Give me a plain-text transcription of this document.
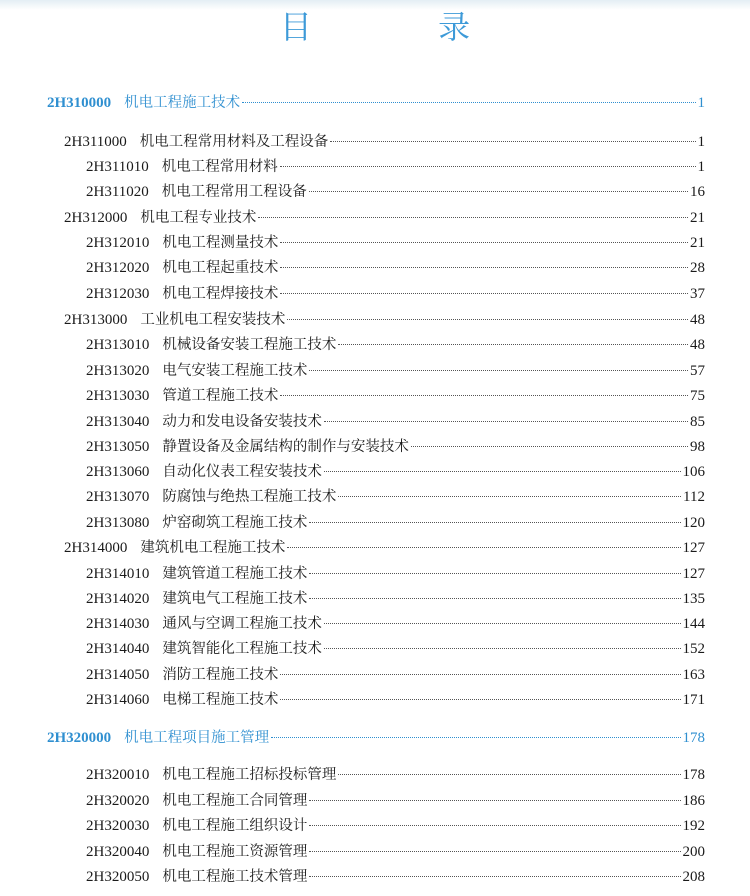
目 录
2H310000 机电工程施工技术	1
2H311000 机电工程常用材料及工程设备	1
2H311010 机电工程常用材料	1
2H311020 机电工程常用工程设备	16
2H312000 机电工程专业技术	21
2H312010 机电工程测量技术	21
2H312020 机电工程起重技术	28
2H312030 机电工程焊接技术	37
2H313000 工业机电工程安装技术	48
2H313010 机械设备安装工程施工技术	48
2H313020 电气安装工程施工技术	57
2H313030 管道工程施工技术	75
2H313040 动力和发电设备安装技术	85
2H313050 静置设备及金属结构的制作与安装技术	98
2H313060 自动化仪表工程安装技术	106
2H313070 防腐蚀与绝热工程施工技术	112
2H313080 炉窑砌筑工程施工技术	120
2H314000 建筑机电工程施工技术	127
2H314010 建筑管道工程施工技术	127
2H314020 建筑电气工程施工技术	135
2H314030 通风与空调工程施工技术	144
2H314040 建筑智能化工程施工技术	152
2H314050 消防工程施工技术	163
2H314060 电梯工程施工技术	171
2H320000 机电工程项目施工管理	178
2H320010 机电工程施工招标投标管理	178
2H320020 机电工程施工合同管理	186
2H320030 机电工程施工组织设计	192
2H320040 机电工程施工资源管理	200
2H320050 机电工程施工技术管理	208
